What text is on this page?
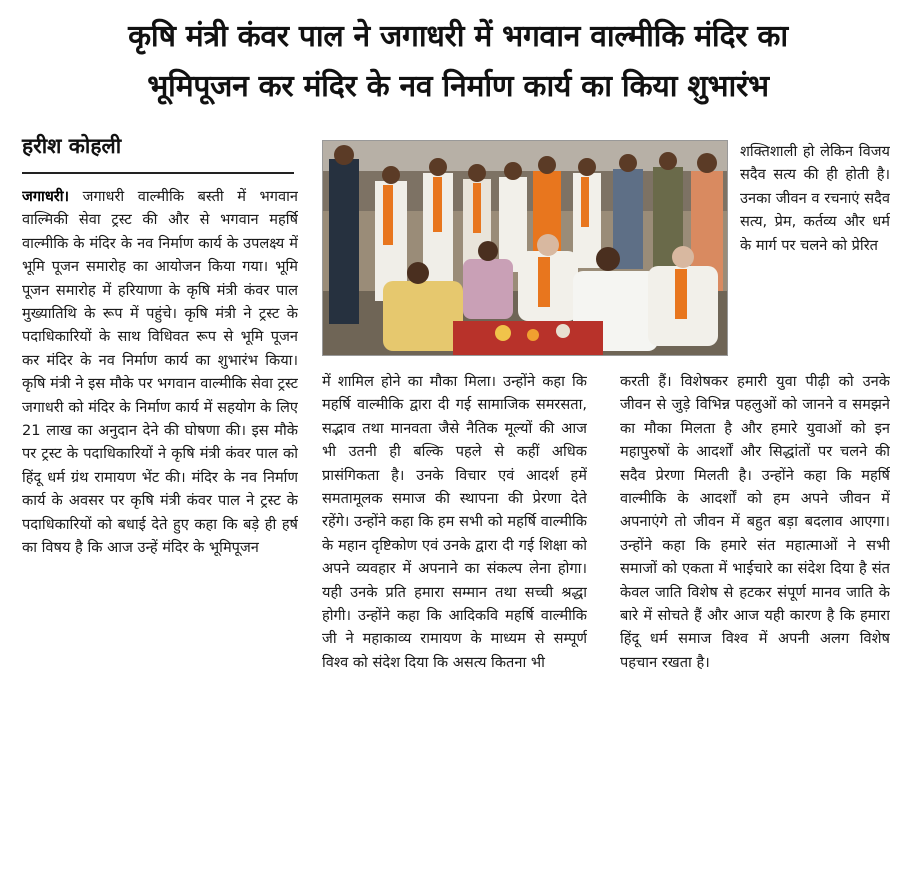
कृषि मंत्री कंवर पाल ने जगाधरी में भगवान वाल्मीकि मंदिर का
भूमिपूजन कर मंदिर के नव निर्माण कार्य का किया शुभारंभ
हरीश कोहली
जगाधरी। जगाधरी वाल्मीकि बस्ती में भगवान वाल्मिकी सेवा ट्रस्ट की और से भगवान महर्षि वाल्मीकि के मंदिर के नव निर्माण कार्य के उपलक्ष्य में भूमि पूजन समारोह का आयोजन किया गया। भूमि पूजन समारोह में हरियाणा के कृषि मंत्री कंवर पाल मुख्यातिथि के रूप में पहुंचे। कृषि मंत्री ने ट्रस्ट के पदाधिकारियों के साथ विधिवत रूप से भूमि पूजन कर मंदिर के नव निर्माण कार्य का शुभारंभ किया। कृषि मंत्री ने इस मौके पर भगवान वाल्मीकि सेवा ट्रस्ट जगाधरी को मंदिर के निर्माण कार्य में सहयोग के लिए 21 लाख का अनुदान देने की घोषणा की। इस मौके पर ट्रस्ट के पदाधिकारियों ने कृषि मंत्री कंवर पाल को हिंदू धर्म ग्रंथ रामायण भेंट की। मंदिर के नव निर्माण कार्य के अवसर पर कृषि मंत्री कंवर पाल ने ट्रस्ट के पदाधिकारियों को बधाई देते हुए कहा कि बड़े ही हर्ष का विषय है कि आज उन्हें मंदिर के भूमिपूजन
शक्तिशाली हो लेकिन विजय सदैव सत्य की ही होती है। उनका जीवन व रचनाएं सदैव सत्य, प्रेम, कर्तव्य और धर्म के मार्ग पर चलने को प्रेरित
में शामिल होने का मौका मिला। उन्होंने कहा कि महर्षि वाल्मीकि द्वारा दी गई सामाजिक समरसता, सद्भाव तथा मानवता जैसे नैतिक मूल्यों की आज भी उतनी ही बल्कि पहले से कहीं अधिक प्रासंगिकता है। उनके विचार एवं आदर्श हमें समतामूलक समाज की स्थापना की प्रेरणा देते रहेंगे। उन्होंने कहा कि हम सभी को महर्षि वाल्मीकि के महान दृष्टिकोण एवं उनके द्वारा दी गई शिक्षा को अपने व्यवहार में अपनाने का संकल्प लेना होगा। यही उनके प्रति हमारा सम्मान तथा सच्ची श्रद्धा होगी। उन्होंने कहा कि आदिकवि महर्षि वाल्मीकि जी ने महाकाव्य रामायण के माध्यम से सम्पूर्ण विश्व को संदेश दिया कि असत्य कितना भी
करती हैं। विशेषकर हमारी युवा पीढ़ी को उनके जीवन से जुड़े विभिन्न पहलुओं को जानने व समझने का मौका मिलता है और हमारे युवाओं को इन महापुरुषों के आदर्शों और सिद्धांतों पर चलने की सदैव प्रेरणा मिलती है। उन्होंने कहा कि महर्षि वाल्मीकि के आदर्शों को हम अपने जीवन में अपनाएंगे तो जीवन में बहुत बड़ा बदलाव आएगा। उन्होंने कहा कि हमारे संत महात्माओं ने सभी समाजों को एकता में भाईचारे का संदेश दिया है संत केवल जाति विशेष से हटकर संपूर्ण मानव जाति के बारे में सोचते हैं और आज यही कारण है कि हमारा हिंदू धर्म समाज विश्व में अपनी अलग विशेष पहचान रखता है।
